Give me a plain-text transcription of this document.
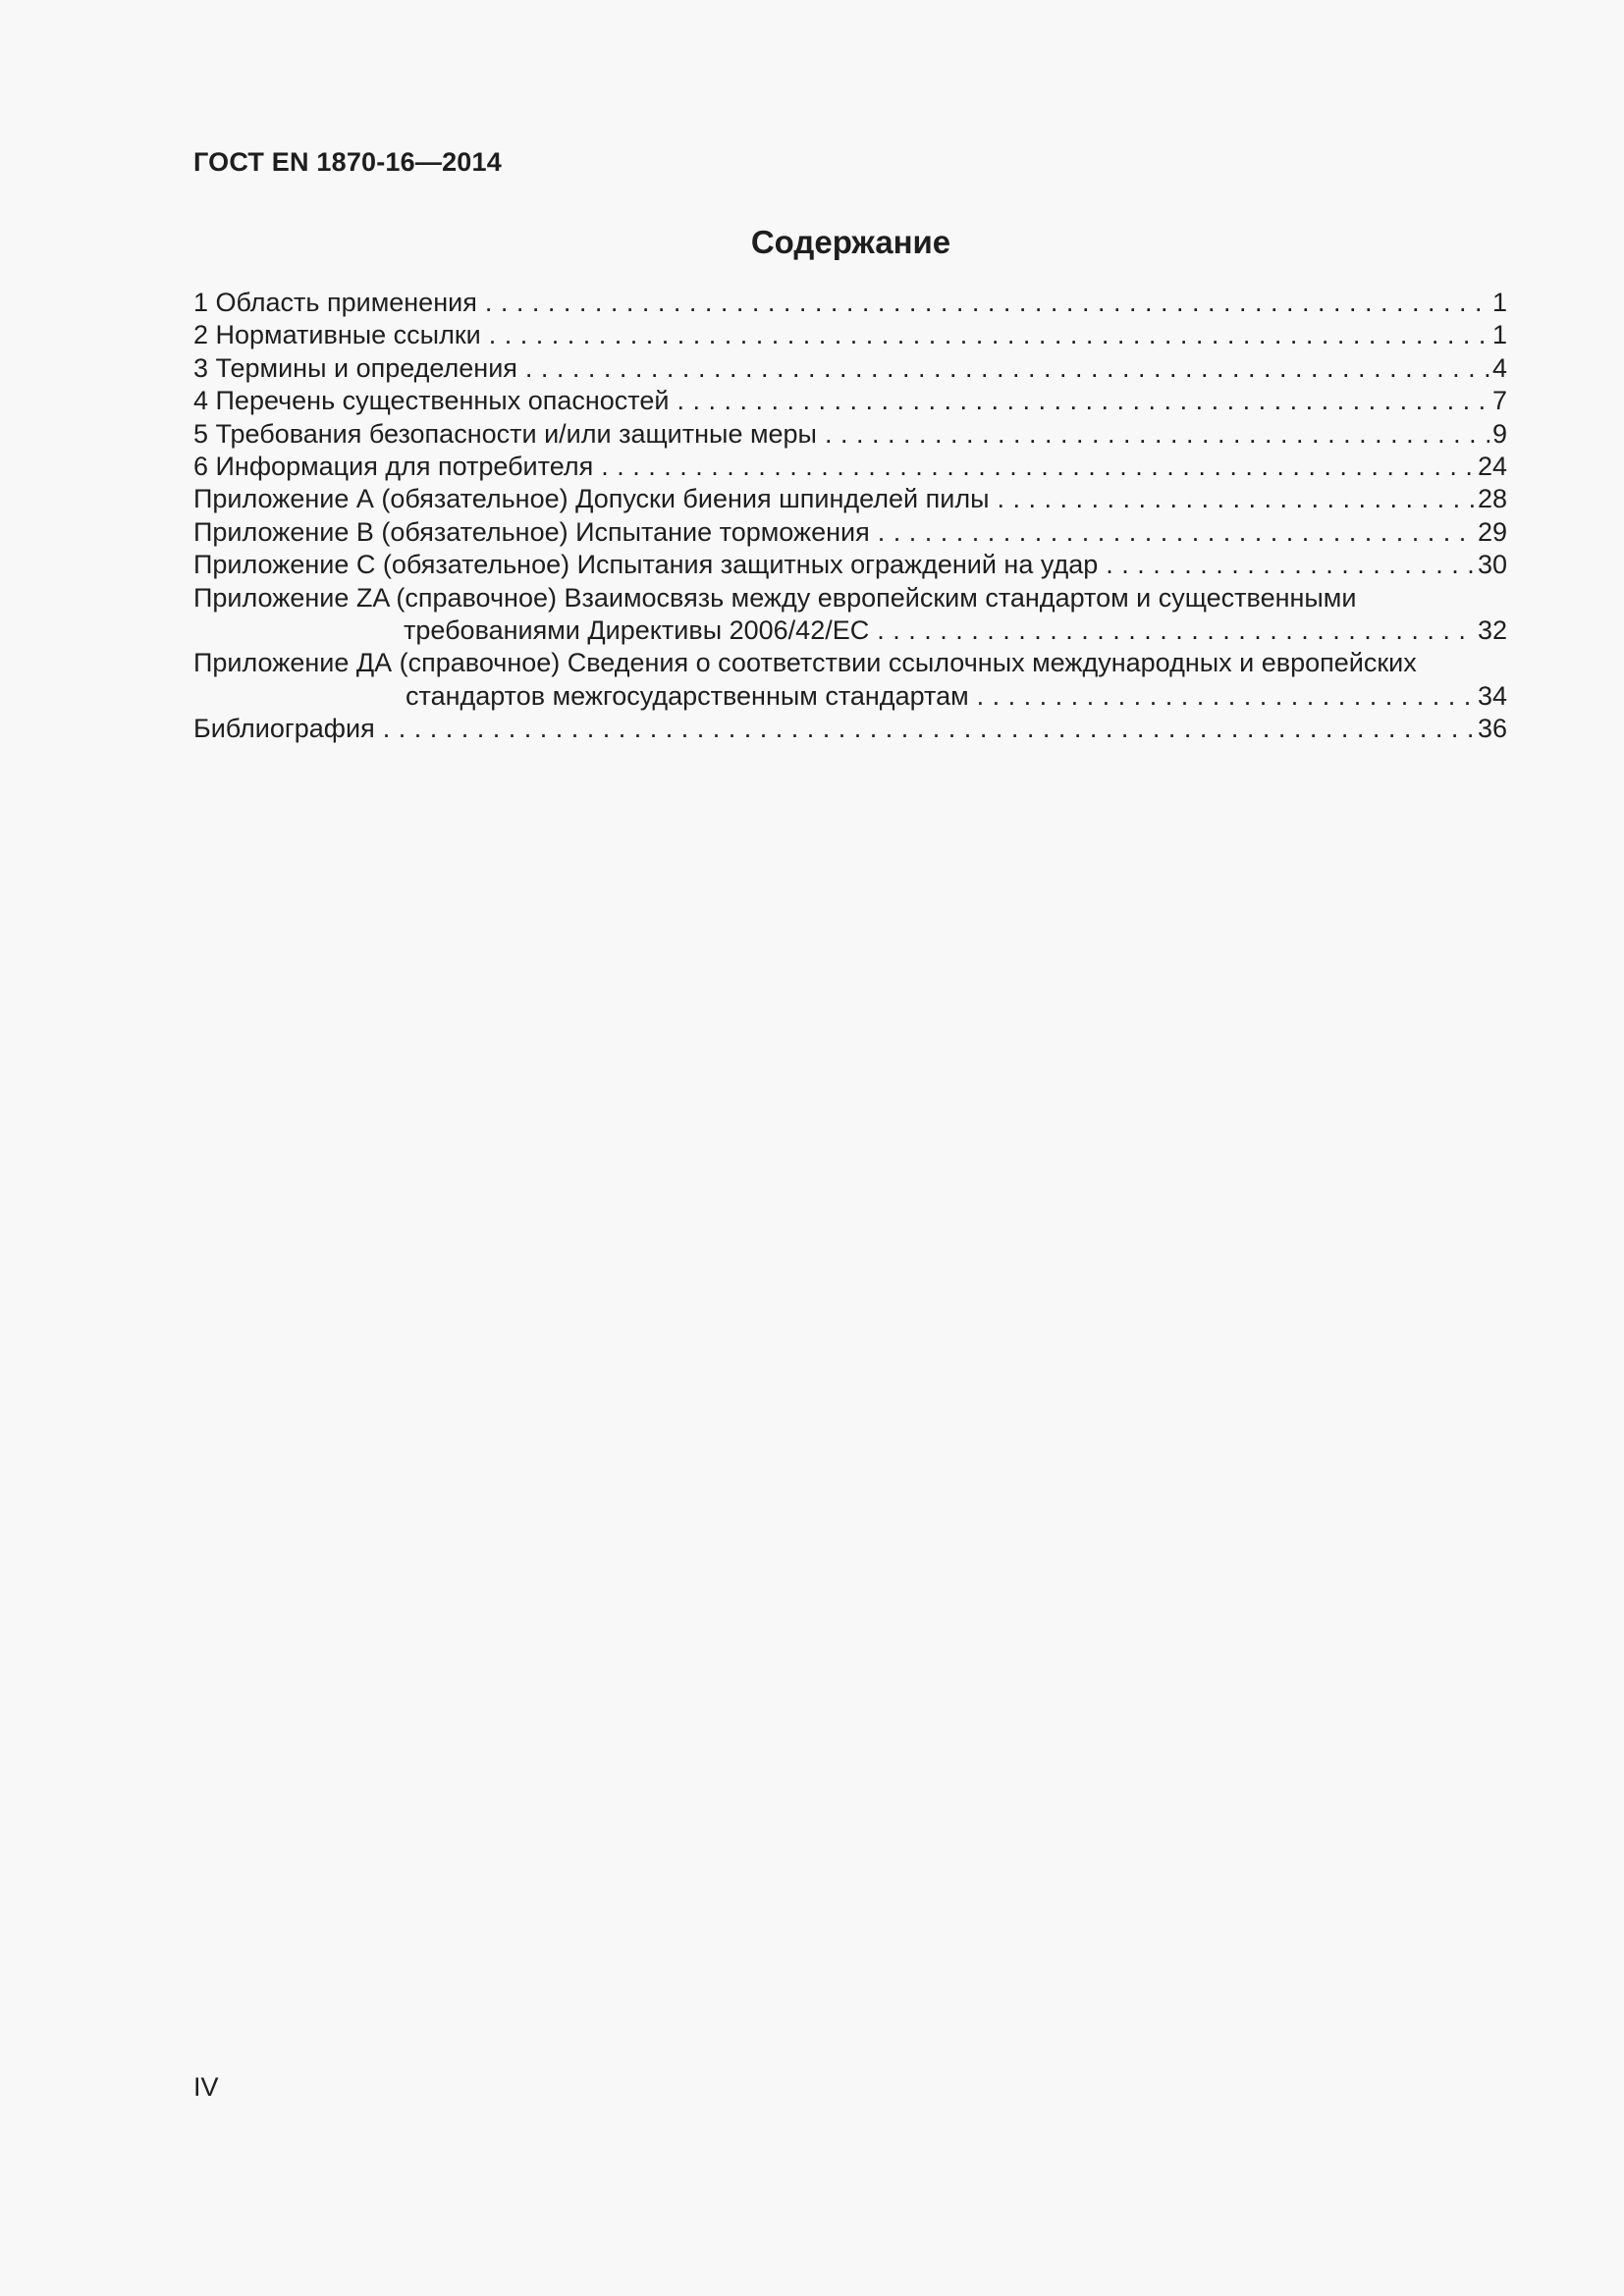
ГОСТ EN 1870-16—2014
Содержание
1 Область применения . . .	1
2 Нормативные ссылки . . .	1
3 Термины и определения . . .	4
4 Перечень существенных опасностей . . .	7
5 Требования безопасности и/или защитные меры . . .	9
6 Информация для потребителя . . .	24
Приложение А (обязательное) Допуски биения шпинделей пилы . . .	28
Приложение В (обязательное) Испытание торможения . . .	29
Приложение С (обязательное) Испытания защитных ограждений на удар . . .	30
Приложение ZA (справочное) Взаимосвязь между европейским стандартом и существенными
требованиями Директивы 2006/42/ЕС . . .	32
Приложение ДА (справочное) Сведения о соответствии ссылочных международных и европейских
стандартов межгосударственным стандартам . . .	34
Библиография . . .	36
IV
